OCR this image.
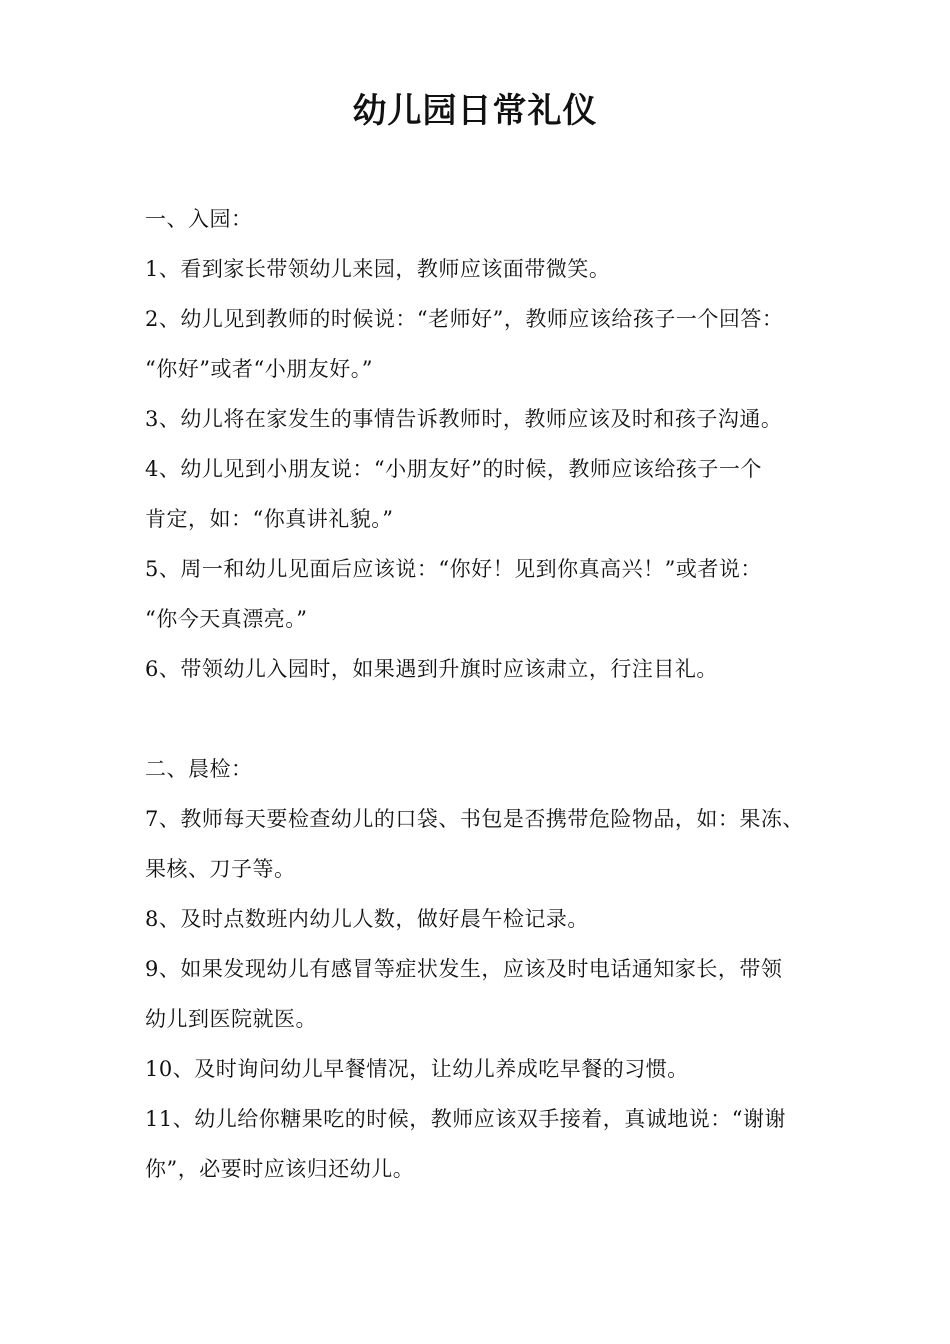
幼儿园日常礼仪
一、入园：
1、看到家长带领幼儿来园，教师应该面带微笑。
2、幼儿见到教师的时候说：“老师好”，教师应该给孩子一个回答：
“你好”或者“小朋友好。”
3、幼儿将在家发生的事情告诉教师时，教师应该及时和孩子沟通。
4、幼儿见到小朋友说：“小朋友好”的时候，教师应该给孩子一个
肯定，如：“你真讲礼貌。”
5、周一和幼儿见面后应该说：“你好！见到你真高兴！”或者说：
“你今天真漂亮。”
6、带领幼儿入园时，如果遇到升旗时应该肃立，行注目礼。
二、晨检：
7、教师每天要检查幼儿的口袋、书包是否携带危险物品，如：果冻、
果核、刀子等。
8、及时点数班内幼儿人数，做好晨午检记录。
9、如果发现幼儿有感冒等症状发生，应该及时电话通知家长，带领
幼儿到医院就医。
10、及时询问幼儿早餐情况，让幼儿养成吃早餐的习惯。
11、幼儿给你糖果吃的时候，教师应该双手接着，真诚地说：“谢谢
你”，必要时应该归还幼儿。
